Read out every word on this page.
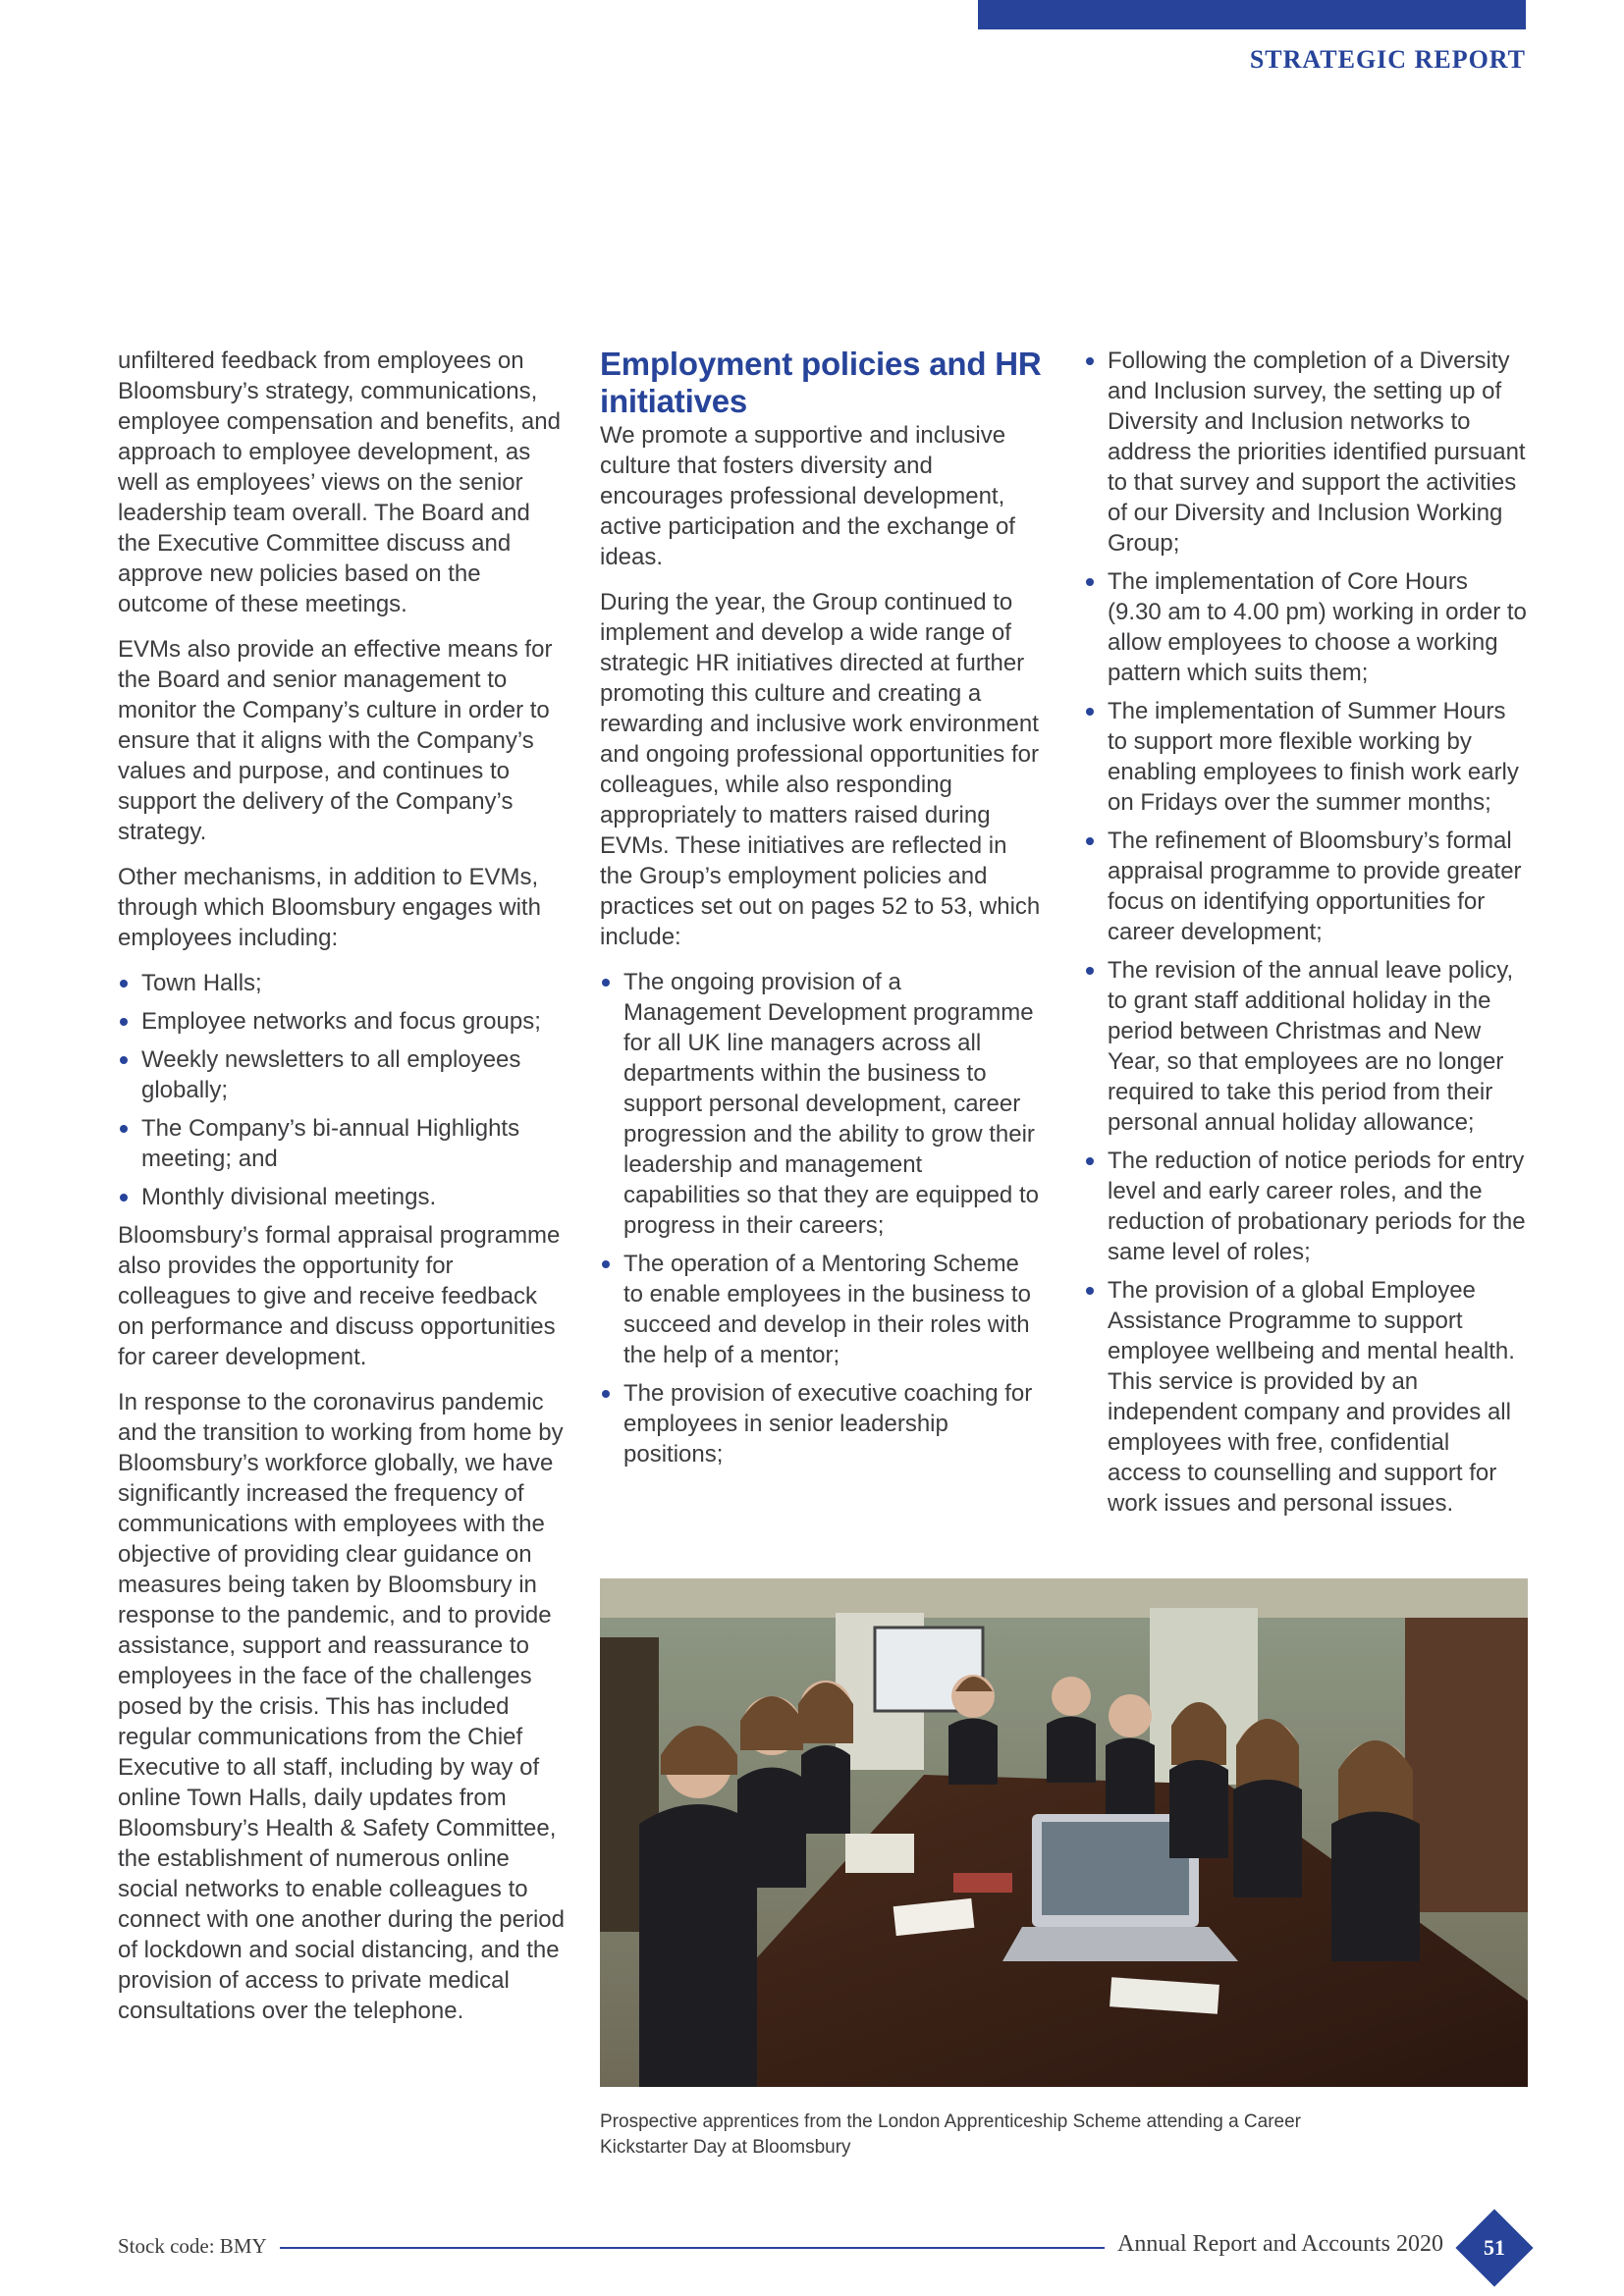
STRATEGIC REPORT

unfiltered feedback from employees on Bloomsbury’s strategy, communications, employee compensation and benefits, and approach to employee development, as well as employees’ views on the senior leadership team overall. The Board and the Executive Committee discuss and approve new policies based on the outcome of these meetings.

EVMs also provide an effective means for the Board and senior management to monitor the Company’s culture in order to ensure that it aligns with the Company’s values and purpose, and continues to support the delivery of the Company’s strategy.

Other mechanisms, in addition to EVMs, through which Bloomsbury engages with employees including:

Town Halls;
Employee networks and focus groups;
Weekly newsletters to all employees globally;
The Company’s bi-annual Highlights meeting; and
Monthly divisional meetings.

Bloomsbury’s formal appraisal programme also provides the opportunity for colleagues to give and receive feedback on performance and discuss opportunities for career development.

In response to the coronavirus pandemic and the transition to working from home by Bloomsbury’s workforce globally, we have significantly increased the frequency of communications with employees with the objective of providing clear guidance on measures being taken by Bloomsbury in response to the pandemic, and to provide assistance, support and reassurance to employees in the face of the challenges posed by the crisis. This has included regular communications from the Chief Executive to all staff, including by way of online Town Halls, daily updates from Bloomsbury’s Health & Safety Committee, the establishment of numerous online social networks to enable colleagues to connect with one another during the period of lockdown and social distancing, and the provision of access to private medical consultations over the telephone.

Employment policies and HR initiatives

We promote a supportive and inclusive culture that fosters diversity and encourages professional development, active participation and the exchange of ideas.

During the year, the Group continued to implement and develop a wide range of strategic HR initiatives directed at further promoting this culture and creating a rewarding and inclusive work environment and ongoing professional opportunities for colleagues, while also responding appropriately to matters raised during EVMs. These initiatives are reflected in the Group’s employment policies and practices set out on pages 52 to 53, which include:

The ongoing provision of a Management Development programme for all UK line managers across all departments within the business to support personal development, career progression and the ability to grow their leadership and management capabilities so that they are equipped to progress in their careers;
The operation of a Mentoring Scheme to enable employees in the business to succeed and develop in their roles with the help of a mentor;
The provision of executive coaching for employees in senior leadership positions;
Following the completion of a Diversity and Inclusion survey, the setting up of Diversity and Inclusion networks to address the priorities identified pursuant to that survey and support the activities of our Diversity and Inclusion Working Group;
The implementation of Core Hours (9.30 am to 4.00 pm) working in order to allow employees to choose a working pattern which suits them;
The implementation of Summer Hours to support more flexible working by enabling employees to finish work early on Fridays over the summer months;
The refinement of Bloomsbury’s formal appraisal programme to provide greater focus on identifying opportunities for career development;
The revision of the annual leave policy, to grant staff additional holiday in the period between Christmas and New Year, so that employees are no longer required to take this period from their personal annual holiday allowance;
The reduction of notice periods for entry level and early career roles, and the reduction of probationary periods for the same level of roles;
The provision of a global Employee Assistance Programme to support employee wellbeing and mental health. This service is provided by an independent company and provides all employees with free, confidential access to counselling and support for work issues and personal issues.
Prospective apprentices from the London Apprenticeship Scheme attending a Career Kickstarter Day at Bloomsbury
Stock code: BMY	Annual Report and Accounts 2020	51
